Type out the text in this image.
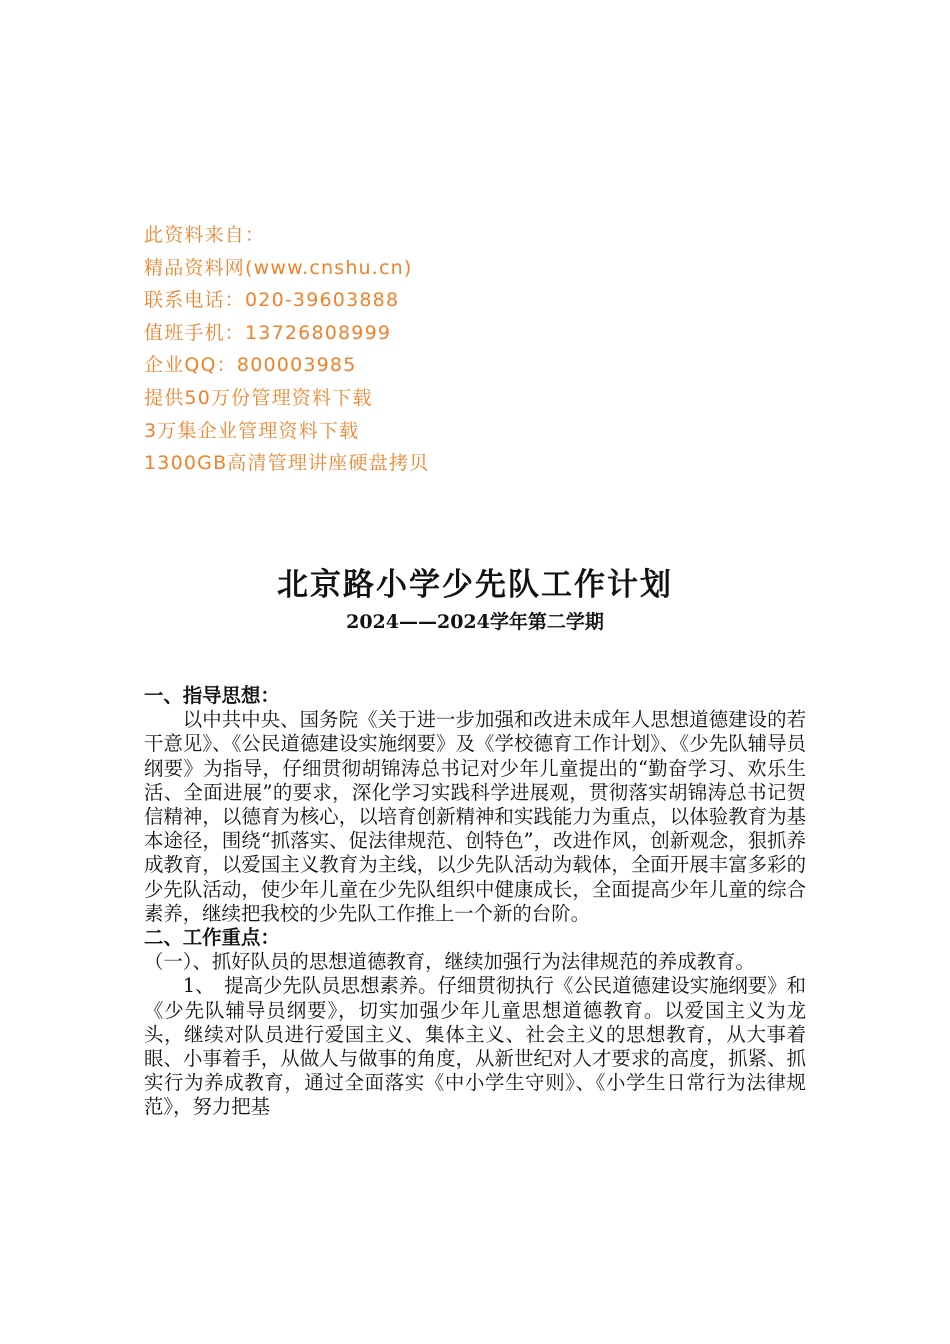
此资料来自：
精品资料网(www.cnshu.cn)
联系电话：020-39603888
值班手机：13726808999
企业QQ：800003985
提供50万份管理资料下载
3万集企业管理资料下载
1300GB高清管理讲座硬盘拷贝
北京路小学少先队工作计划
2024——2024学年第二学期

一、指导思想：

以中共中央、国务院《关于进一步加强和改进未成年人思想道德建设的若干意见》、《公民道德建设实施纲要》及《学校德育工作计划》、《少先队辅导员纲要》为指导，仔细贯彻胡锦涛总书记对少年儿童提出的“勤奋学习、欢乐生活、全面进展”的要求，深化学习实践科学进展观，贯彻落实胡锦涛总书记贺信精神，以德育为核心，以培育创新精神和实践能力为重点，以体验教育为基本途径，围绕“抓落实、促法律规范、创特色”，改进作风，创新观念，狠抓养成教育，以爱国主义教育为主线，以少先队活动为载体，全面开展丰富多彩的少先队活动，使少年儿童在少先队组织中健康成长，全面提高少年儿童的综合素养，继续把我校的少先队工作推上一个新的台阶。

二、工作重点：

（一）、抓好队员的思想道德教育，继续加强行为法律规范的养成教育。

1、　提高少先队员思想素养。仔细贯彻执行《公民道德建设实施纲要》和《少先队辅导员纲要》，切实加强少年儿童思想道德教育。以爱国主义为龙头，继续对队员进行爱国主义、集体主义、社会主义的思想教育，从大事着眼、小事着手，从做人与做事的角度，从新世纪对人才要求的高度，抓紧、抓实行为养成教育，通过全面落实《中小学生守则》、《小学生日常行为法律规范》，努力把基
